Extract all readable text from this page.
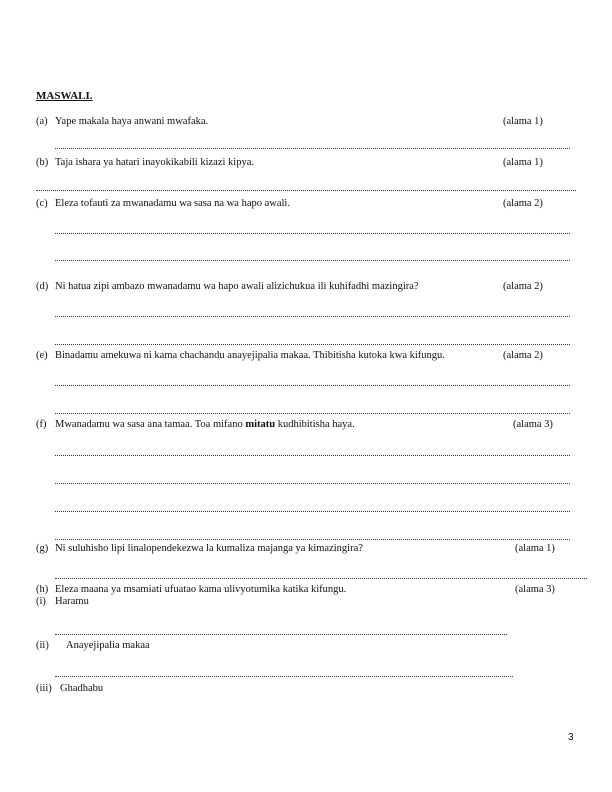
MASWALI.
(a) Yape makala haya anwani mwafaka.	(alama 1)
(b) Taja ishara ya hatari inayokikabili kizazi kipya.	(alama 1)
(c) Eleza tofauti za mwanadamu wa sasa na wa hapo awali.	(alama 2)
(d) Ni hatua zipi ambazo mwanadamu wa hapo awali alizichukua ili kuhifadhi mazingira?	(alama 2)
(e) Binadamu amekuwa ni kama chachandu anayejipalia makaa. Thibitisha kutoka kwa kifungu.	(alama 2)
(f) Mwanadamu wa sasa ana tamaa. Toa mifano mitatu kudhibitisha haya.	(alama 3)
(g) Ni suluhisho lipi linalopendekezwa la kumaliza majanga ya kimazingira?	(alama 1)
(h) Eleza maana ya msamiati ufuatao kama ulivyotumika katika kifungu.	(alama 3)
(i) Haramu
(ii) Anayejipalia makaa
(iii) Ghadhabu
3
